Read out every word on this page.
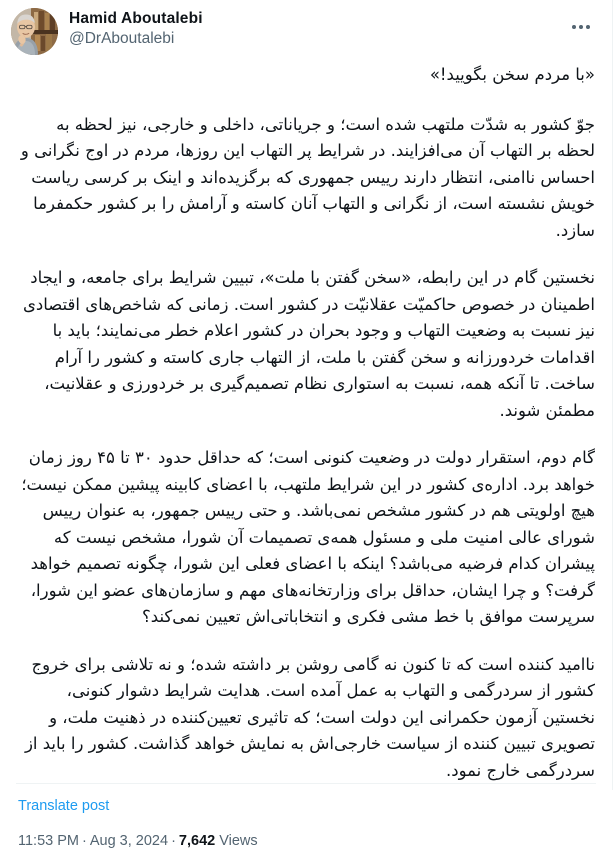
Hamid Aboutalebi
@DrAboutalebi

«با مردم سخن بگویید!»

جوّ کشور به شدّت ملتهب شده است؛ و جریاناتی، داخلی و خارجی، نیز لحظه به لحظه بر التهاب آن می‌افزایند. در شرایط پر التهاب این روزها، مردم در اوج نگرانی و احساس ناامنی، انتظار دارند رییس جمهوری که برگزیده‌اند و اینک بر کرسی ریاست خویش نشسته است، از نگرانی و التهاب آنان کاسته و آرامش را بر کشور حکمفرما سازد.

نخستین گام در این رابطه، «سخن گفتن با ملت»، تبیین شرایط برای جامعه، و ایجاد اطمینان در خصوص حاکمیّت عقلانیّت در کشور است. زمانی که شاخص‌های اقتصادی نیز نسبت به وضعیت التهاب و وجود بحران در کشور اعلام خطر می‌نمایند؛ باید با اقدامات خردورزانه و سخن گفتن با ملت، از التهاب جاری کاسته و کشور را آرام ساخت. تا آنکه همه، نسبت به استواری نظام تصمیم‌گیری بر خردورزی و عقلانیت، مطمئن شوند.

گام دوم، استقرار دولت در وضعیت کنونی است؛ که حداقل حدود ۳۰ تا ۴۵ روز زمان خواهد برد. اداره‌ی کشور در این شرایط ملتهب، با اعضای کابینه پیشین ممکن نیست؛ هیچ اولویتی هم در کشور مشخص نمی‌باشد. و حتی رییس جمهور، به عنوان رییس شورای عالی امنیت ملی و مسئول همه‌ی تصمیمات آن شورا، مشخص نیست که پیشران کدام فرضیه می‌باشد؟ اینکه با اعضای فعلی این شورا، چگونه تصمیم خواهد گرفت؟ و چرا ایشان، حداقل برای وزارتخانه‌های مهم و سازمان‌های عضو این شورا، سرپرست موافق با خط مشی فکری و انتخاباتی‌اش تعیین نمی‌کند؟

ناامید کننده است که تا کنون نه گامی روشن بر داشته شده؛ و نه تلاشی برای خروج کشور از سردرگمی و التهاب به عمل آمده است. هدایت شرایط دشوار کنونی، نخستین آزمون حکمرانی این دولت است؛ که تاثیری تعیین‌کننده در ذهنیت ملت، و تصویری تبیین کننده از سیاست خارجی‌اش به نمایش خواهد گذاشت. کشور را باید از سردرگمی خارج نمود.

Translate post
11:53 PM · Aug 3, 2024 · 7,642 Views
